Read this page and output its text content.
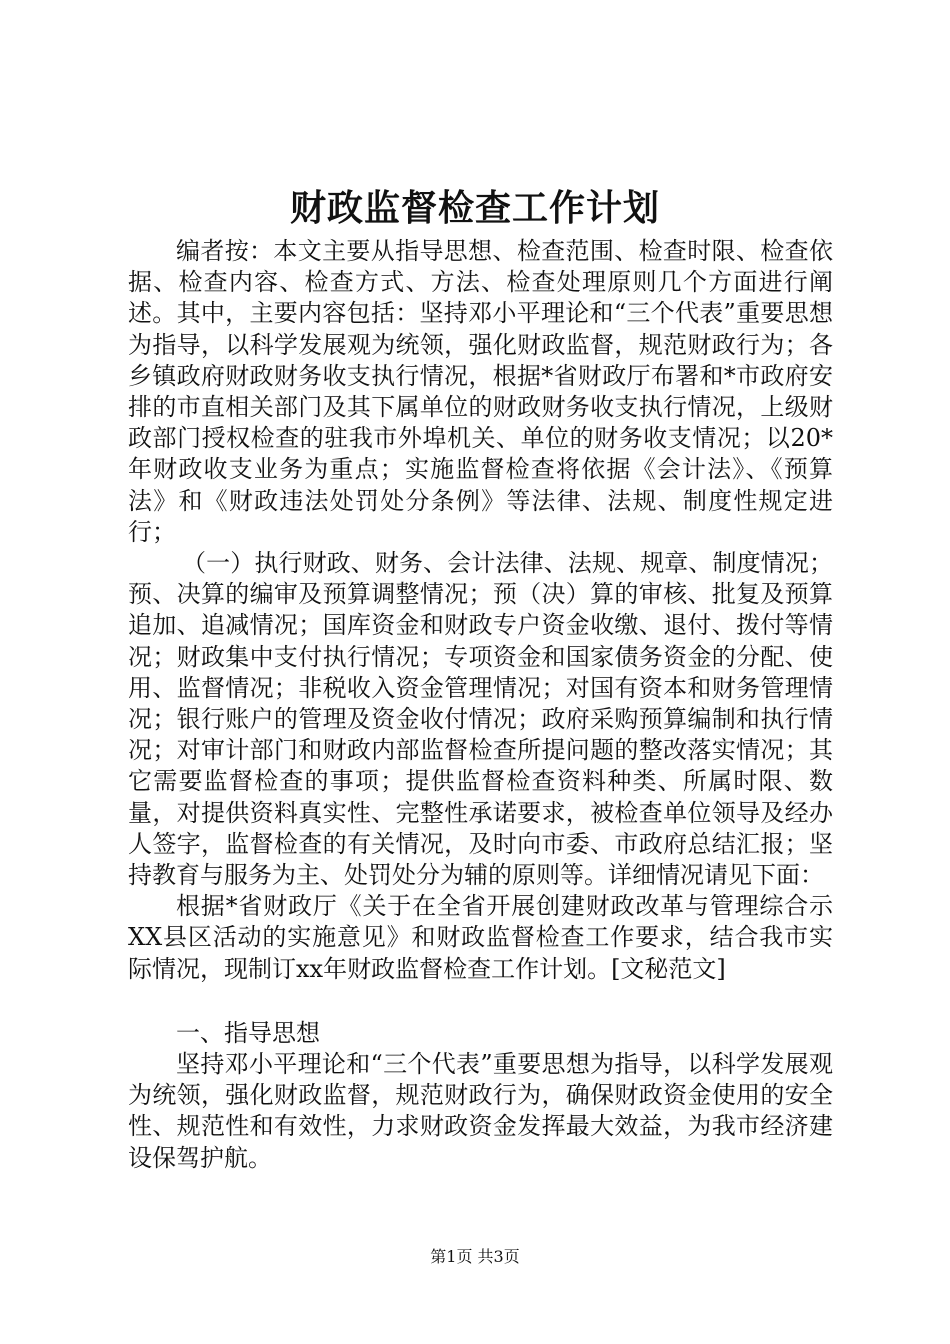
财政监督检查工作计划

编者按：本文主要从指导思想、检查范围、检查时限、检查依据、检查内容、检查方式、方法、检查处理原则几个方面进行阐述。其中，主要内容包括：坚持邓小平理论和“三个代表”重要思想为指导，以科学发展观为统领，强化财政监督，规范财政行为；各乡镇政府财政财务收支执行情况，根据*省财政厅布署和*市政府安排的市直相关部门及其下属单位的财政财务收支执行情况，上级财政部门授权检查的驻我市外埠机关、单位的财务收支情况；以20*年财政收支业务为重点；实施监督检查将依据《会计法》、《预算法》和《财政违法处罚处分条例》等法律、法规、制度性规定进行；

（一）执行财政、财务、会计法律、法规、规章、制度情况；预、决算的编审及预算调整情况；预（决）算的审核、批复及预算追加、追减情况；国库资金和财政专户资金收缴、退付、拨付等情况；财政集中支付执行情况；专项资金和国家债务资金的分配、使用、监督情况；非税收入资金管理情况；对国有资本和财务管理情况；银行账户的管理及资金收付情况；政府采购预算编制和执行情况；对审计部门和财政内部监督检查所提问题的整改落实情况；其它需要监督检查的事项；提供监督检查资料种类、所属时限、数量，对提供资料真实性、完整性承诺要求，被检查单位领导及经办人签字，监督检查的有关情况，及时向市委、市政府总结汇报；坚持教育与服务为主、处罚处分为辅的原则等。详细情况请见下面：

根据*省财政厅《关于在全省开展创建财政改革与管理综合示XX县区活动的实施意见》和财政监督检查工作要求，结合我市实际情况，现制订xx年财政监督检查工作计划。[文秘范文]

一、指导思想

坚持邓小平理论和“三个代表”重要思想为指导，以科学发展观为统领，强化财政监督，规范财政行为，确保财政资金使用的安全性、规范性和有效性，力求财政资金发挥最大效益，为我市经济建设保驾护航。

第1页 共3页
